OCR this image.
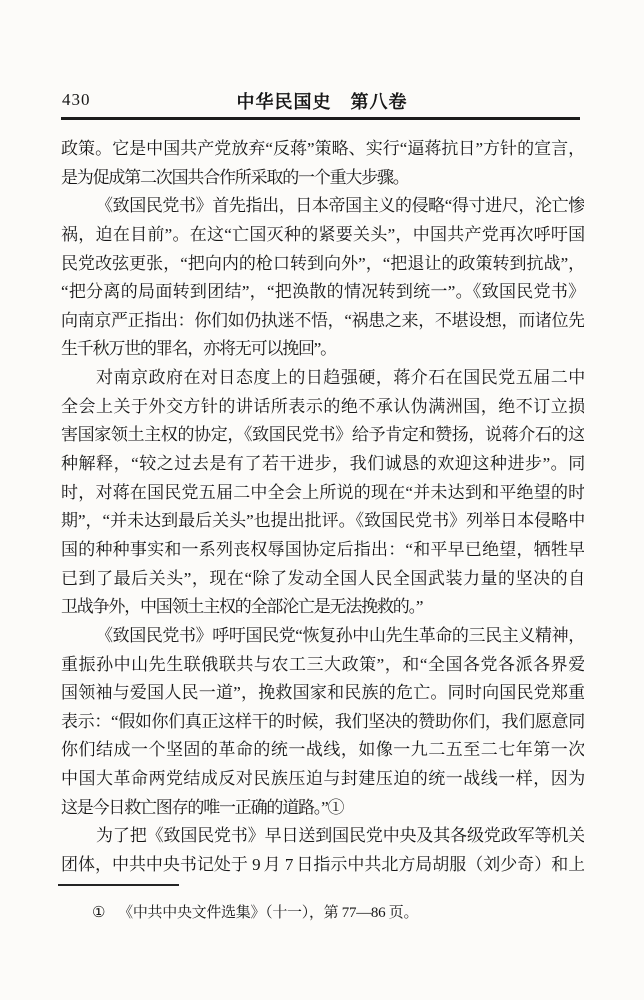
430	中华民国史　第八卷
政策。它是中国共产党放弃“反蒋”策略、实行“逼蒋抗日”方针的宣言，
是为促成第二次国共合作所采取的一个重大步骤。
《致国民党书》首先指出，日本帝国主义的侵略“得寸进尺，沦亡惨
祸，迫在目前”。在这“亡国灭种的紧要关头”，中国共产党再次呼吁国
民党改弦更张，“把向内的枪口转到向外”，“把退让的政策转到抗战”，
“把分离的局面转到团结”，“把涣散的情况转到统一”。《致国民党书》
向南京严正指出：你们如仍执迷不悟，“祸患之来，不堪设想，而诸位先
生千秋万世的罪名，亦将无可以挽回”。
对南京政府在对日态度上的日趋强硬，蒋介石在国民党五届二中
全会上关于外交方针的讲话所表示的绝不承认伪满洲国，绝不订立损
害国家领土主权的协定，《致国民党书》给予肯定和赞扬，说蒋介石的这
种解释，“较之过去是有了若干进步，我们诚恳的欢迎这种进步”。同
时，对蒋在国民党五届二中全会上所说的现在“并未达到和平绝望的时
期”，“并未达到最后关头”也提出批评。《致国民党书》列举日本侵略中
国的种种事实和一系列丧权辱国协定后指出：“和平早已绝望，牺牲早
已到了最后关头”，现在“除了发动全国人民全国武装力量的坚决的自
卫战争外，中国领土主权的全部沦亡是无法挽救的。”
《致国民党书》呼吁国民党“恢复孙中山先生革命的三民主义精神，
重振孙中山先生联俄联共与农工三大政策”，和“全国各党各派各界爱
国领袖与爱国人民一道”，挽救国家和民族的危亡。同时向国民党郑重
表示：“假如你们真正这样干的时候，我们坚决的赞助你们，我们愿意同
你们结成一个坚固的革命的统一战线，如像一九二五至二七年第一次
中国大革命两党结成反对民族压迫与封建压迫的统一战线一样，因为
这是今日救亡图存的唯一正确的道路。”①
为了把《致国民党书》早日送到国民党中央及其各级党政军等机关
团体，中共中央书记处于 9 月 7 日指示中共北方局胡服（刘少奇）和上
① 《中共中央文件选集》（十一），第 77—86 页。
